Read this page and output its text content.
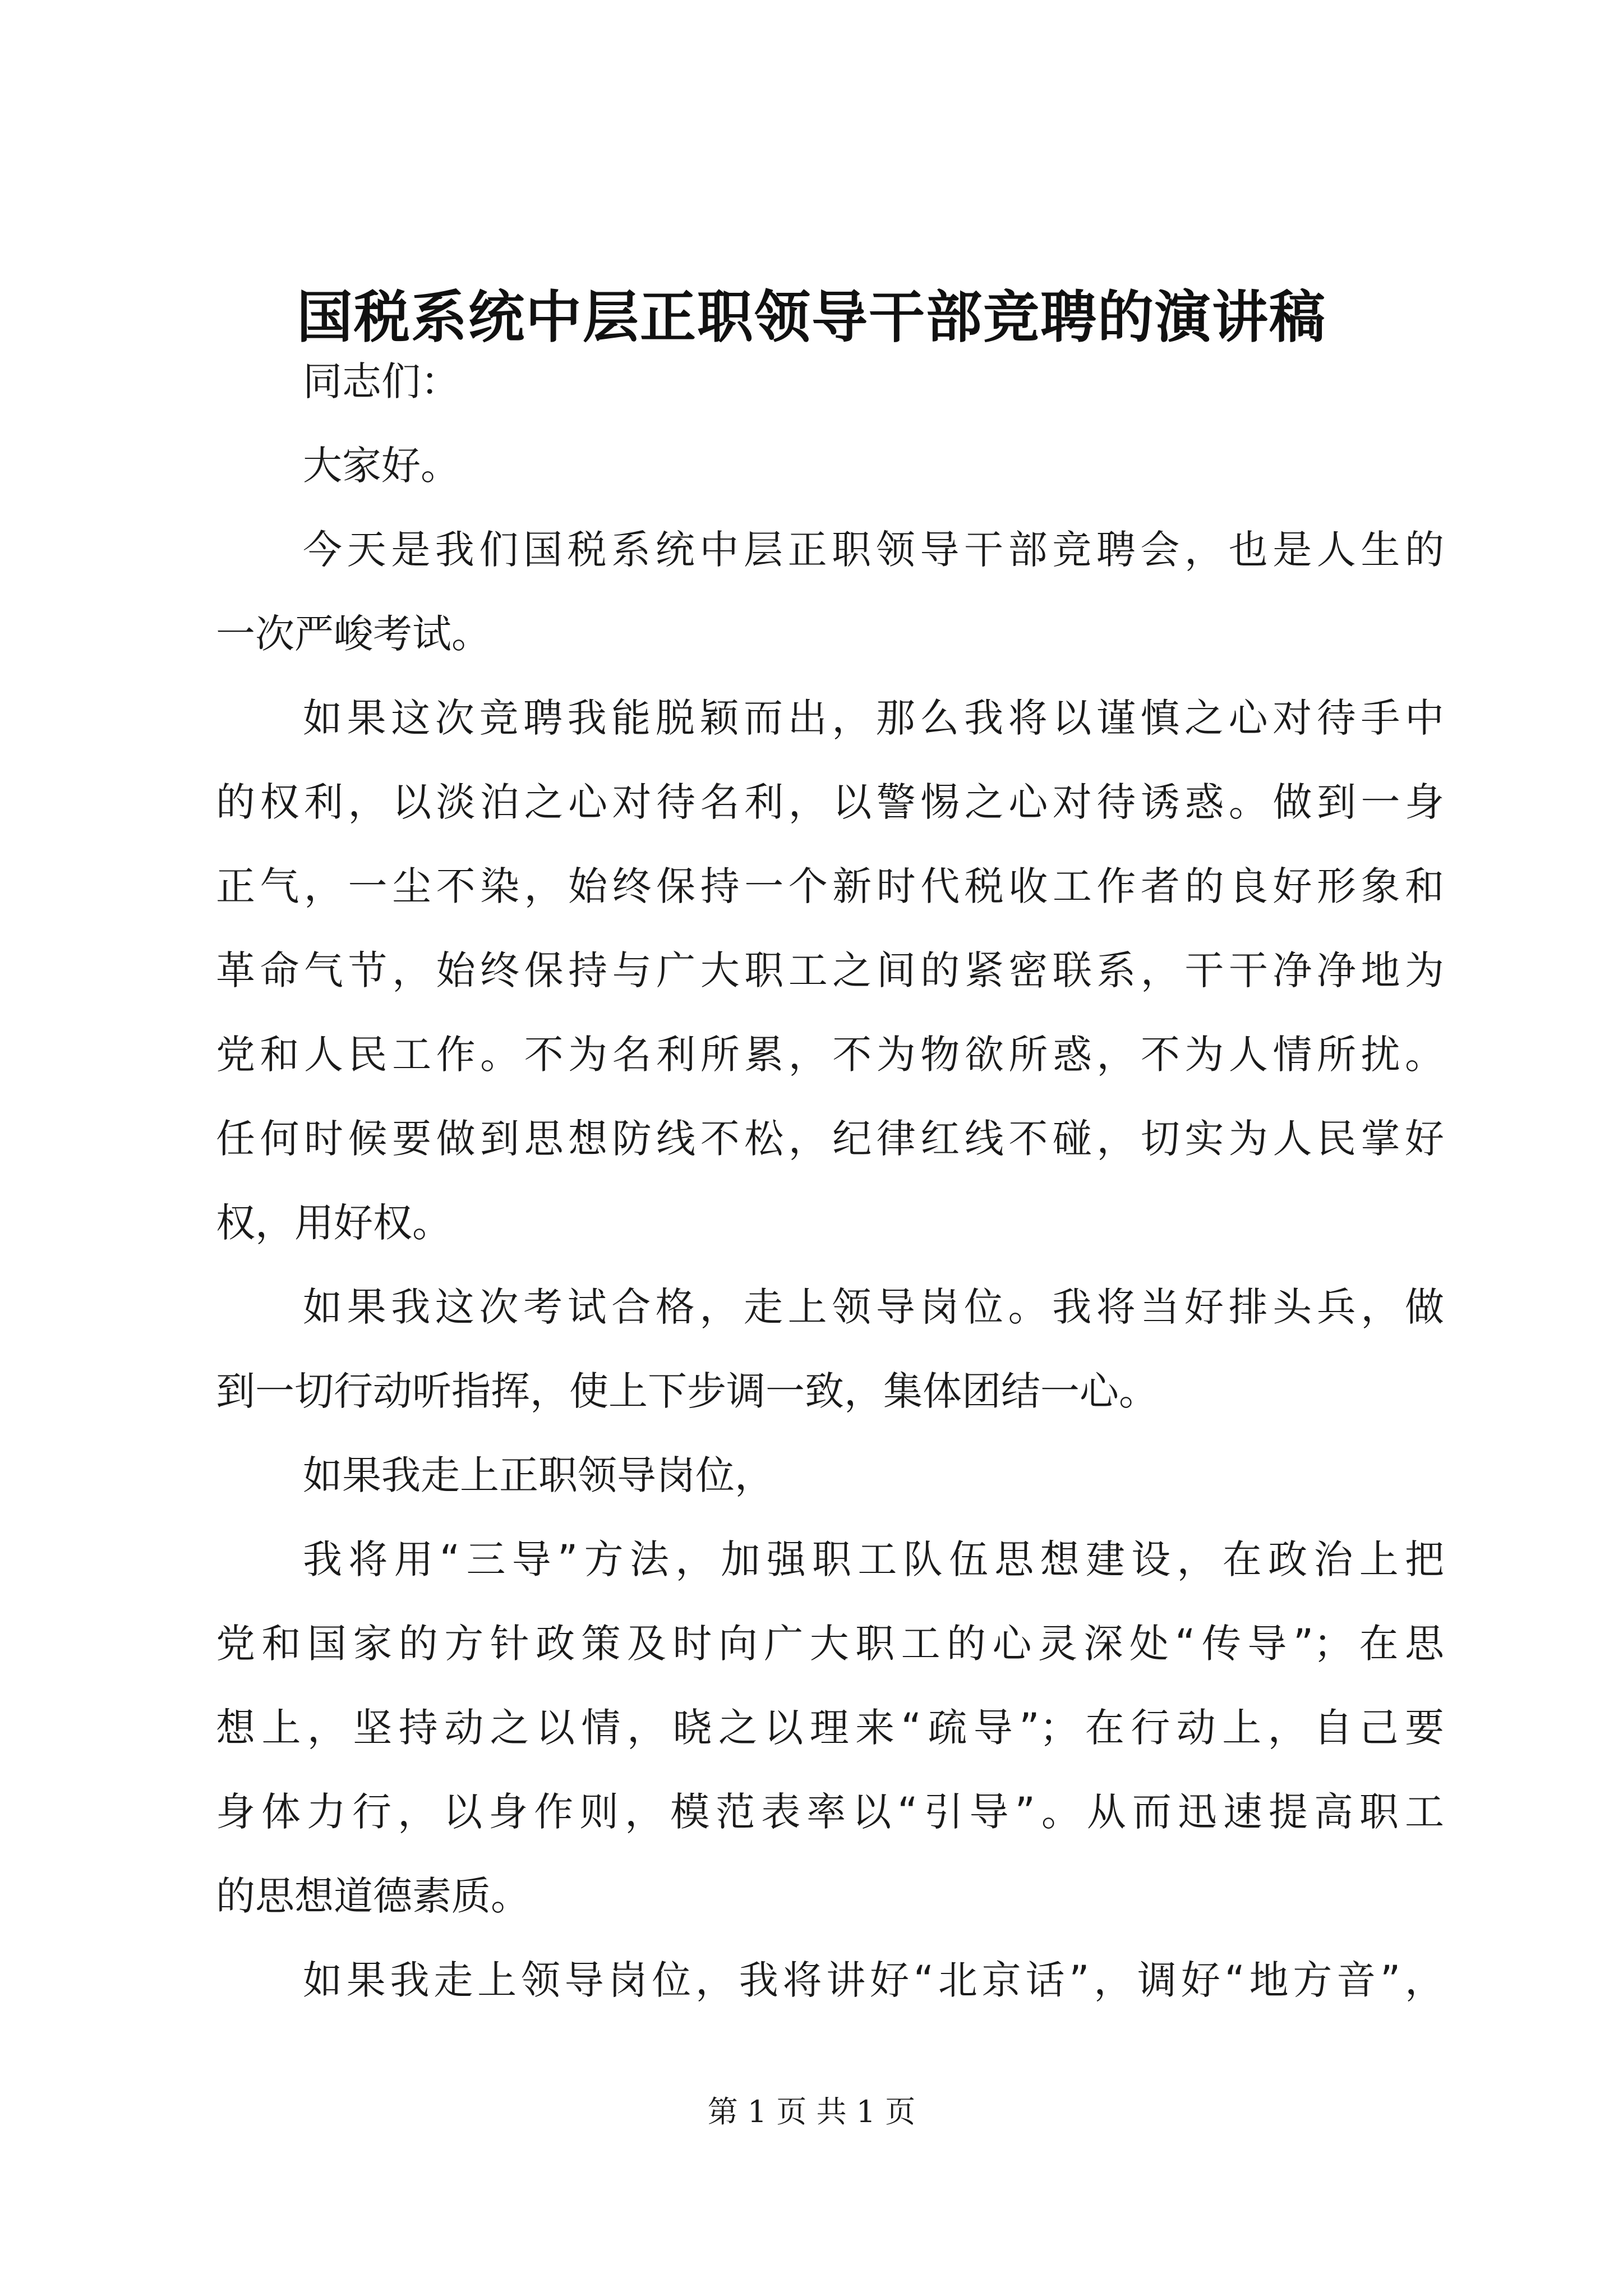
国税系统中层正职领导干部竞聘的演讲稿
同志们：
大家好。
今天是我们国税系统中层正职领导干部竞聘会，也是人生的
一次严峻考试。
如果这次竞聘我能脱颖而出，那么我将以谨慎之心对待手中
的权利，以淡泊之心对待名利，以警惕之心对待诱惑。做到一身
正气，一尘不染，始终保持一个新时代税收工作者的良好形象和
革命气节，始终保持与广大职工之间的紧密联系，干干净净地为
党和人民工作。不为名利所累，不为物欲所惑，不为人情所扰。
任何时候要做到思想防线不松，纪律红线不碰，切实为人民掌好
权，用好权。
如果我这次考试合格，走上领导岗位。我将当好排头兵，做
到一切行动听指挥，使上下步调一致，集体团结一心。
如果我走上正职领导岗位，
我将用“三导”方法，加强职工队伍思想建设，在政治上把
党和国家的方针政策及时向广大职工的心灵深处“传导”；在思
想上，坚持动之以情，晓之以理来“疏导”；在行动上，自己要
身体力行，以身作则，模范表率以“引导”。从而迅速提高职工
的思想道德素质。
如果我走上领导岗位，我将讲好“北京话”，调好“地方音”，
第 1 页 共 1 页
